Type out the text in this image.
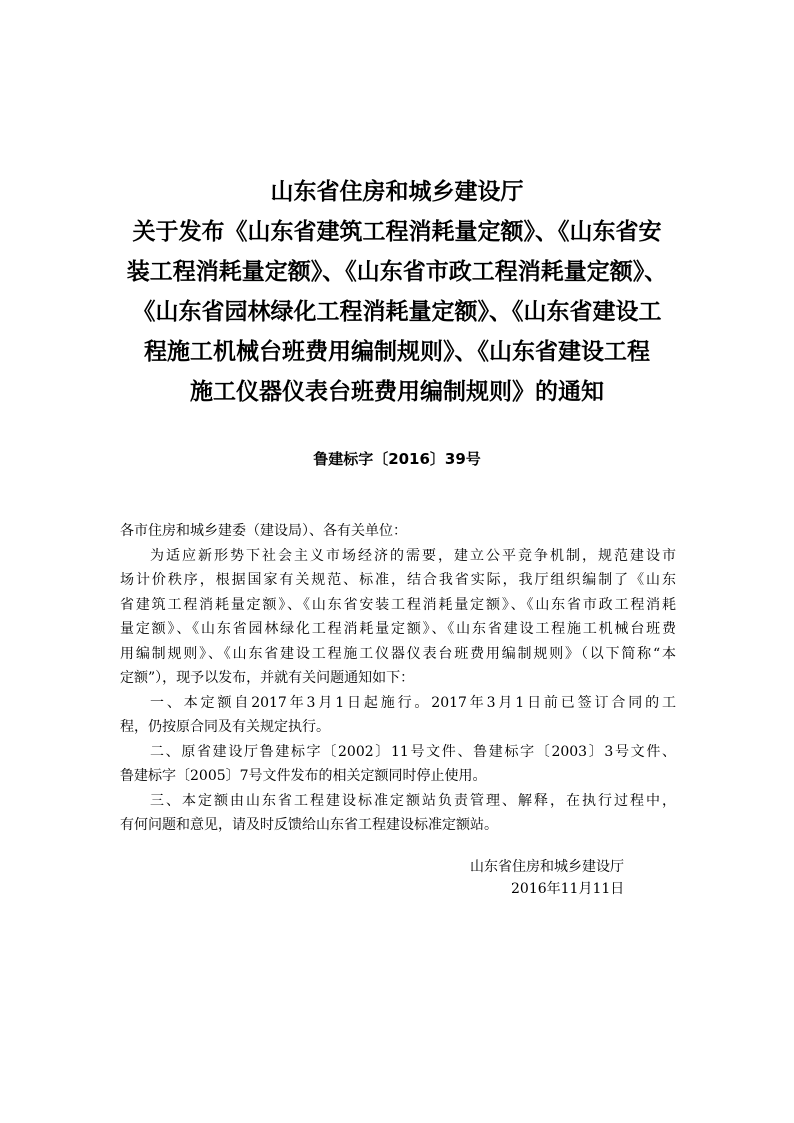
山东省住房和城乡建设厅
关于发布《山东省建筑工程消耗量定额》、《山东省安
装工程消耗量定额》、《山东省市政工程消耗量定额》、
《山东省园林绿化工程消耗量定额》、《山东省建设工
程施工机械台班费用编制规则》、《山东省建设工程
施工仪器仪表台班费用编制规则》的通知
鲁建标字〔2016〕39号
各市住房和城乡建委（建设局）、各有关单位：
为适应新形势下社会主义市场经济的需要，建立公平竞争机制，规范建设市
场计价秩序，根据国家有关规范、标准，结合我省实际，我厅组织编制了《山东
省建筑工程消耗量定额》、《山东省安装工程消耗量定额》、《山东省市政工程消耗
量定额》、《山东省园林绿化工程消耗量定额》、《山东省建设工程施工机械台班费
用编制规则》、《山东省建设工程施工仪器仪表台班费用编制规则》（以下简称“本
定额”），现予以发布，并就有关问题通知如下：
一、本定额自2017年3月1日起施行。2017年3月1日前已签订合同的工
程，仍按原合同及有关规定执行。
二、原省建设厅鲁建标字〔2002〕11号文件、鲁建标字〔2003〕3号文件、
鲁建标字〔2005〕7号文件发布的相关定额同时停止使用。
三、本定额由山东省工程建设标准定额站负责管理、解释，在执行过程中，
有何问题和意见，请及时反馈给山东省工程建设标准定额站。
山东省住房和城乡建设厅
2016年11月11日
